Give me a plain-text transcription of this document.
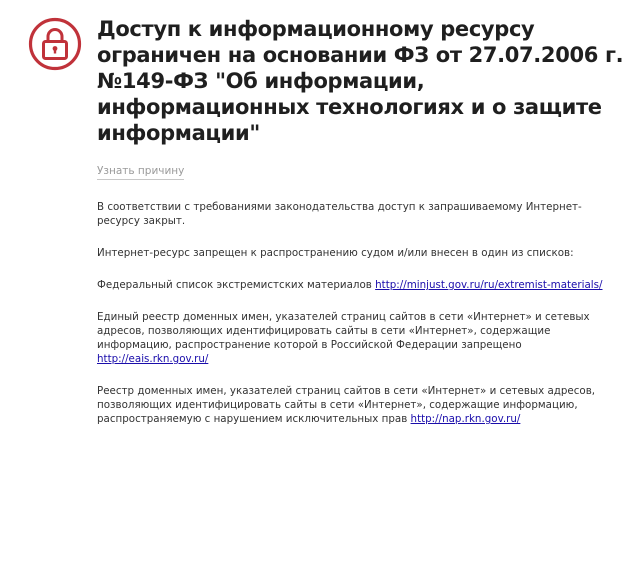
Доступ к информационному ресурсу ограничен на основании ФЗ от 27.07.2006 г. №149-ФЗ "Об информации, информационных технологиях и о защите информации"
Узнать причину

В соответствии с требованиями законодательства доступ к запрашиваемому Интернет-ресурсу закрыт.

Интернет-ресурс запрещен к распространению судом и/или внесен в один из списков:

Федеральный список экстремистских материалов http://minjust.gov.ru/ru/extremist-materials/

Единый реестр доменных имен, указателей страниц сайтов в сети «Интернет» и сетевых адресов, позволяющих идентифицировать сайты в сети «Интернет», содержащие информацию, распространение которой в Российской Федерации запрещено http://eais.rkn.gov.ru/

Реестр доменных имен, указателей страниц сайтов в сети «Интернет» и сетевых адресов, позволяющих идентифицировать сайты в сети «Интернет», содержащие информацию, распространяемую с нарушением исключительных прав http://nap.rkn.gov.ru/
